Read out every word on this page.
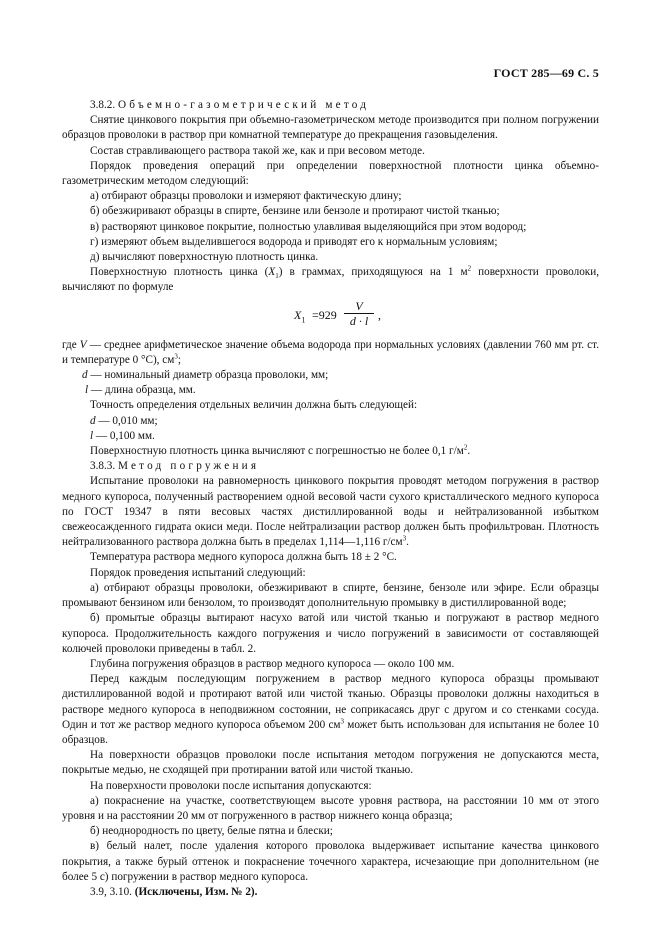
ГОСТ 285—69 С. 5

3.8.2. Объемно-газометрический метод

Снятие цинкового покрытия при объемно-газометрическом методе производится при полном погружении образцов проволоки в раствор при комнатной температуре до прекращения газовыделения.

Состав стравливающего раствора такой же, как и при весовом методе.

Порядок проведения операций при определении поверхностной плотности цинка объемно-газометрическим методом следующий:

а) отбирают образцы проволоки и измеряют фактическую длину;

б) обезжиривают образцы в спирте, бензине или бензоле и протирают чистой тканью;

в) растворяют цинковое покрытие, полностью улавливая выделяющийся при этом водород;

г) измеряют объем выделившегося водорода и приводят его к нормальным условиям;

д) вычисляют поверхностную плотность цинка.

Поверхностную плотность цинка $(X_1)$ в граммах, приходящуюся на 1 $м^2$ поверхности проволоки, вычисляют по формуле

$X_1 =929$
V
d · l ,

где V — среднее арифметическое значение объема водорода при нормальных условиях (давлении 760 мм рт. ст. и температуре 0 °С), $см^3$;

d — номинальный диаметр образца проволоки, мм;

l — длина образца, мм.

Точность определения отдельных величин должна быть следующей:

d — 0,010 мм;

l — 0,100 мм.

Поверхностную плотность цинка вычисляют с погрешностью не более 0,1 $г/м^2$.

3.8.3. Метод погружения

Испытание проволоки на равномерность цинкового покрытия проводят методом погружения в раствор медного купороса, полученный растворением одной весовой части сухого кристаллического медного купороса по ГОСТ 19347 в пяти весовых частях дистиллированной воды и нейтрализованной избытком свежеосажденного гидрата окиси меди. После нейтрализации раствор должен быть профильтрован. Плотность нейтрализованного раствора должна быть в пределах 1,114—1,116 $г/см^3$.

Температура раствора медного купороса должна быть 18 ± 2 °С.

Порядок проведения испытаний следующий:

а) отбирают образцы проволоки, обезжиривают в спирте, бензине, бензоле или эфире. Если образцы промывают бензином или бензолом, то производят дополнительную промывку в дистиллированной воде;

б) промытые образцы вытирают насухо ватой или чистой тканью и погружают в раствор медного купороса. Продолжительность каждого погружения и число погружений в зависимости от составляющей колючей проволоки приведены в табл. 2.

Глубина погружения образцов в раствор медного купороса — около 100 мм.

Перед каждым последующим погружением в раствор медного купороса образцы промывают дистиллированной водой и протирают ватой или чистой тканью. Образцы проволоки должны находиться в растворе медного купороса в неподвижном состоянии, не соприкасаясь друг с другом и со стенками сосуда. Один и тот же раствор медного купороса объемом 200 $см^3$ может быть использован для испытания не более 10 образцов.

На поверхности образцов проволоки после испытания методом погружения не допускаются места, покрытые медью, не сходящей при протирании ватой или чистой тканью.

На поверхности проволоки после испытания допускаются:

а) покраснение на участке, соответствующем высоте уровня раствора, на расстоянии 10 мм от этого уровня и на расстоянии 20 мм от погруженного в раствор нижнего конца образца;

б) неоднородность по цвету, белые пятна и блески;

в) белый налет, после удаления которого проволока выдерживает испытание качества цинкового покрытия, а также бурый оттенок и покраснение точечного характера, исчезающие при дополнительном (не более 5 с) погружении в раствор медного купороса.

3.9, 3.10. (Исключены, Изм. № 2).
